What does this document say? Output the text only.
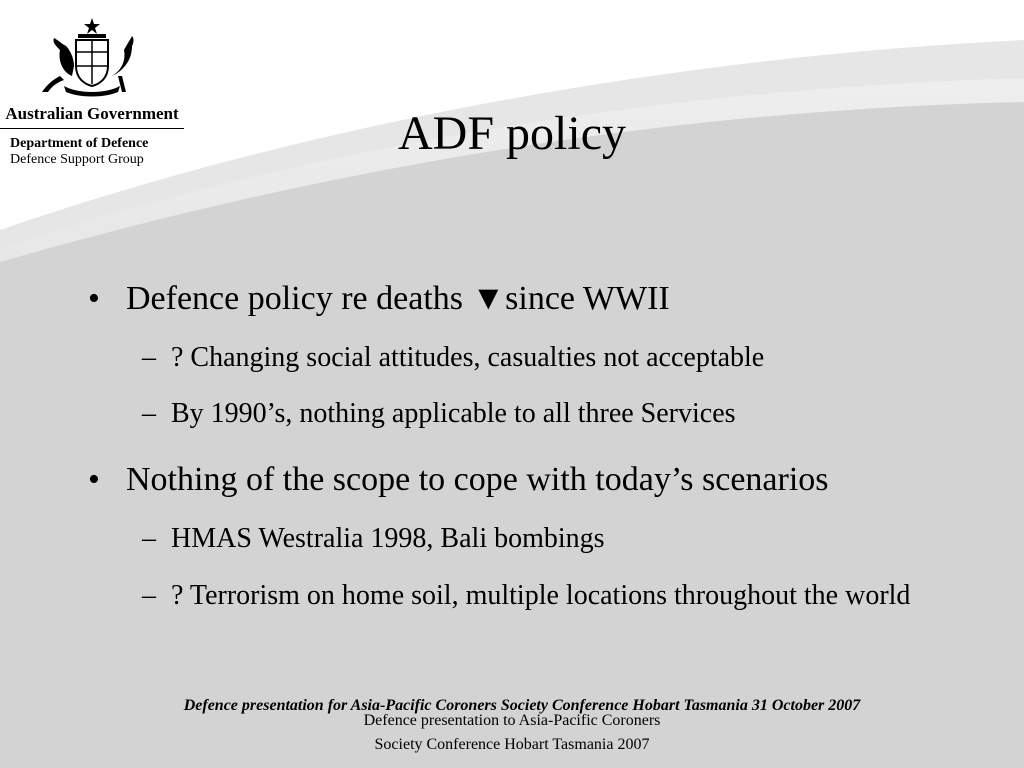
Australian Government
Department of Defence
Defence Support Group	ADF policy
• Defence policy re deaths ▼since WWII
– ? Changing social attitudes, casualties not acceptable
– By 1990’s, nothing applicable to all three Services
• Nothing of the scope to cope with today’s scenarios
– HMAS Westralia 1998, Bali bombings
– ? Terrorism on home soil, multiple locations throughout the world
Defence presentation for Asia-Pacific Coroners Society Conference Hobart Tasmania 31 October 2007
Defence presentation to Asia-Pacific Coroners Society Conference Hobart Tasmania 2007
